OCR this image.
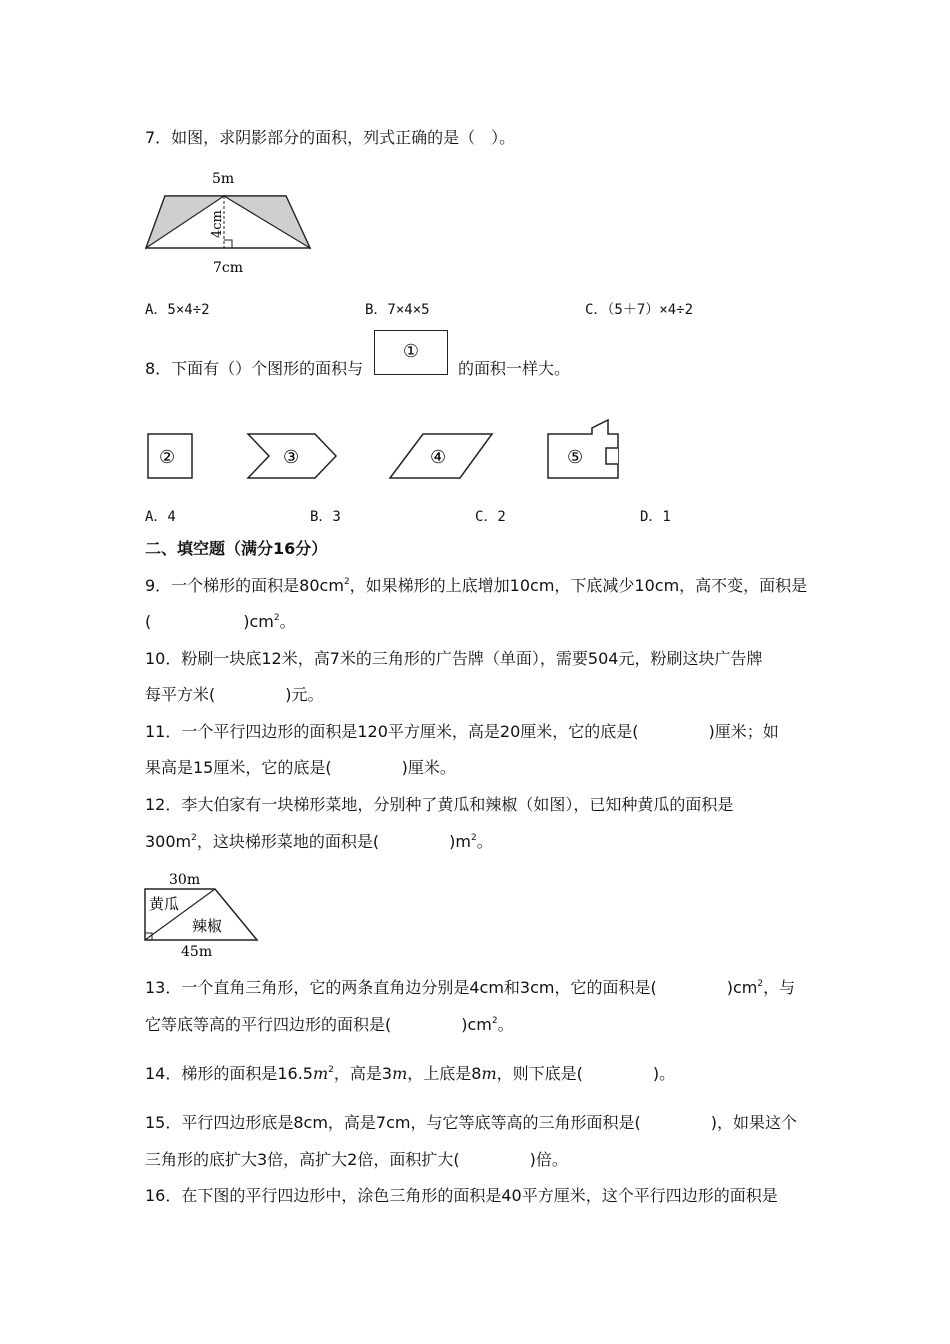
7．如图，求阴影部分的面积，列式正确的是（　）。
5m
7cm
4cm
A．5×4÷2	B．7×4×5	C．（5＋7）×4÷2
8．下面有（）个图形的面积与
①
的面积一样大。
②	③	④	⑤
A．4	B．3	C．2	D．1
二、填空题（满分16分）
9．一个梯形的面积是$80cm^2$，如果梯形的上底增加10cm，下底减少10cm，高不变，面积是
(	)$cm^2$。
10．粉刷一块底12米，高7米的三角形的广告牌（单面），需要504元，粉刷这块广告牌
每平方米(	)元。
11．一个平行四边形的面积是120平方厘米，高是20厘米，它的底是(	)厘米；如
果高是15厘米，它的底是(	)厘米。
12．李大伯家有一块梯形菜地，分别种了黄瓜和辣椒（如图），已知种黄瓜的面积是
$300m^2$，这块梯形菜地的面积是(	)$m^2$。
30m
45m
黄瓜
辣椒
13．一个直角三角形，它的两条直角边分别是4cm和3cm，它的面积是(	)$cm^2$，与
它等底等高的平行四边形的面积是(	)$cm^2$。
14．梯形的面积是$16.5m^2$，高是3m，上底是8m，则下底是(	)。
15．平行四边形底是8cm，高是7cm，与它等底等高的三角形面积是(	)，如果这个
三角形的底扩大3倍，高扩大2倍，面积扩大(	)倍。
16．在下图的平行四边形中，涂色三角形的面积是40平方厘米，这个平行四边形的面积是
